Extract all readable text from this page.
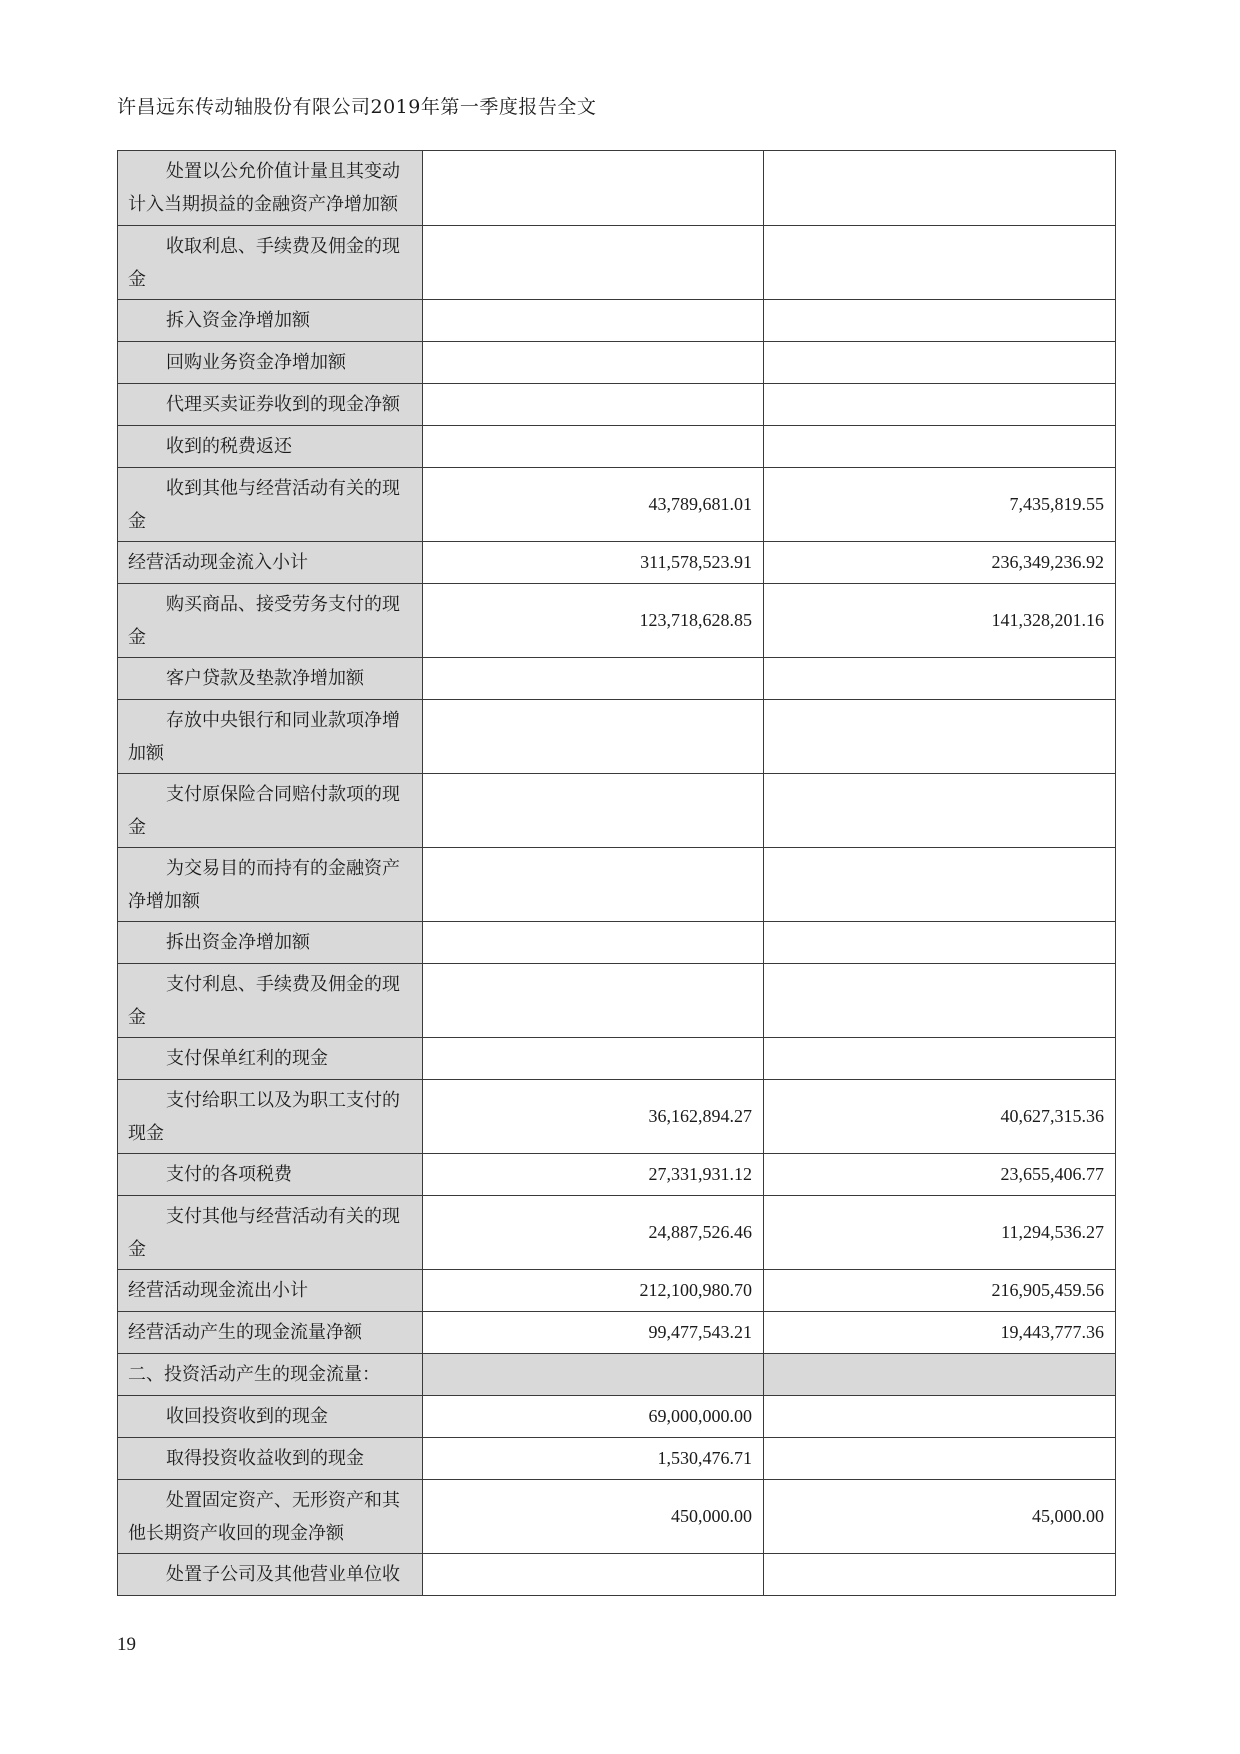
许昌远东传动轴股份有限公司2019年第一季度报告全文
处置以公允价值计量且其变动计入当期损益的金融资产净增加额		
收取利息、手续费及佣金的现金		
拆入资金净增加额		
回购业务资金净增加额		
代理买卖证券收到的现金净额		
收到的税费返还		
收到其他与经营活动有关的现金	43,789,681.01	7,435,819.55
经营活动现金流入小计	311,578,523.91	236,349,236.92
购买商品、接受劳务支付的现金	123,718,628.85	141,328,201.16
客户贷款及垫款净增加额		
存放中央银行和同业款项净增加额		
支付原保险合同赔付款项的现金		
为交易目的而持有的金融资产净增加额		
拆出资金净增加额		
支付利息、手续费及佣金的现金		
支付保单红利的现金		
支付给职工以及为职工支付的现金	36,162,894.27	40,627,315.36
支付的各项税费	27,331,931.12	23,655,406.77
支付其他与经营活动有关的现金	24,887,526.46	11,294,536.27
经营活动现金流出小计	212,100,980.70	216,905,459.56
经营活动产生的现金流量净额	99,477,543.21	19,443,777.36
二、投资活动产生的现金流量：		
收回投资收到的现金	69,000,000.00	
取得投资收益收到的现金	1,530,476.71	
处置固定资产、无形资产和其他长期资产收回的现金净额	450,000.00	45,000.00
处置子公司及其他营业单位收		
19
